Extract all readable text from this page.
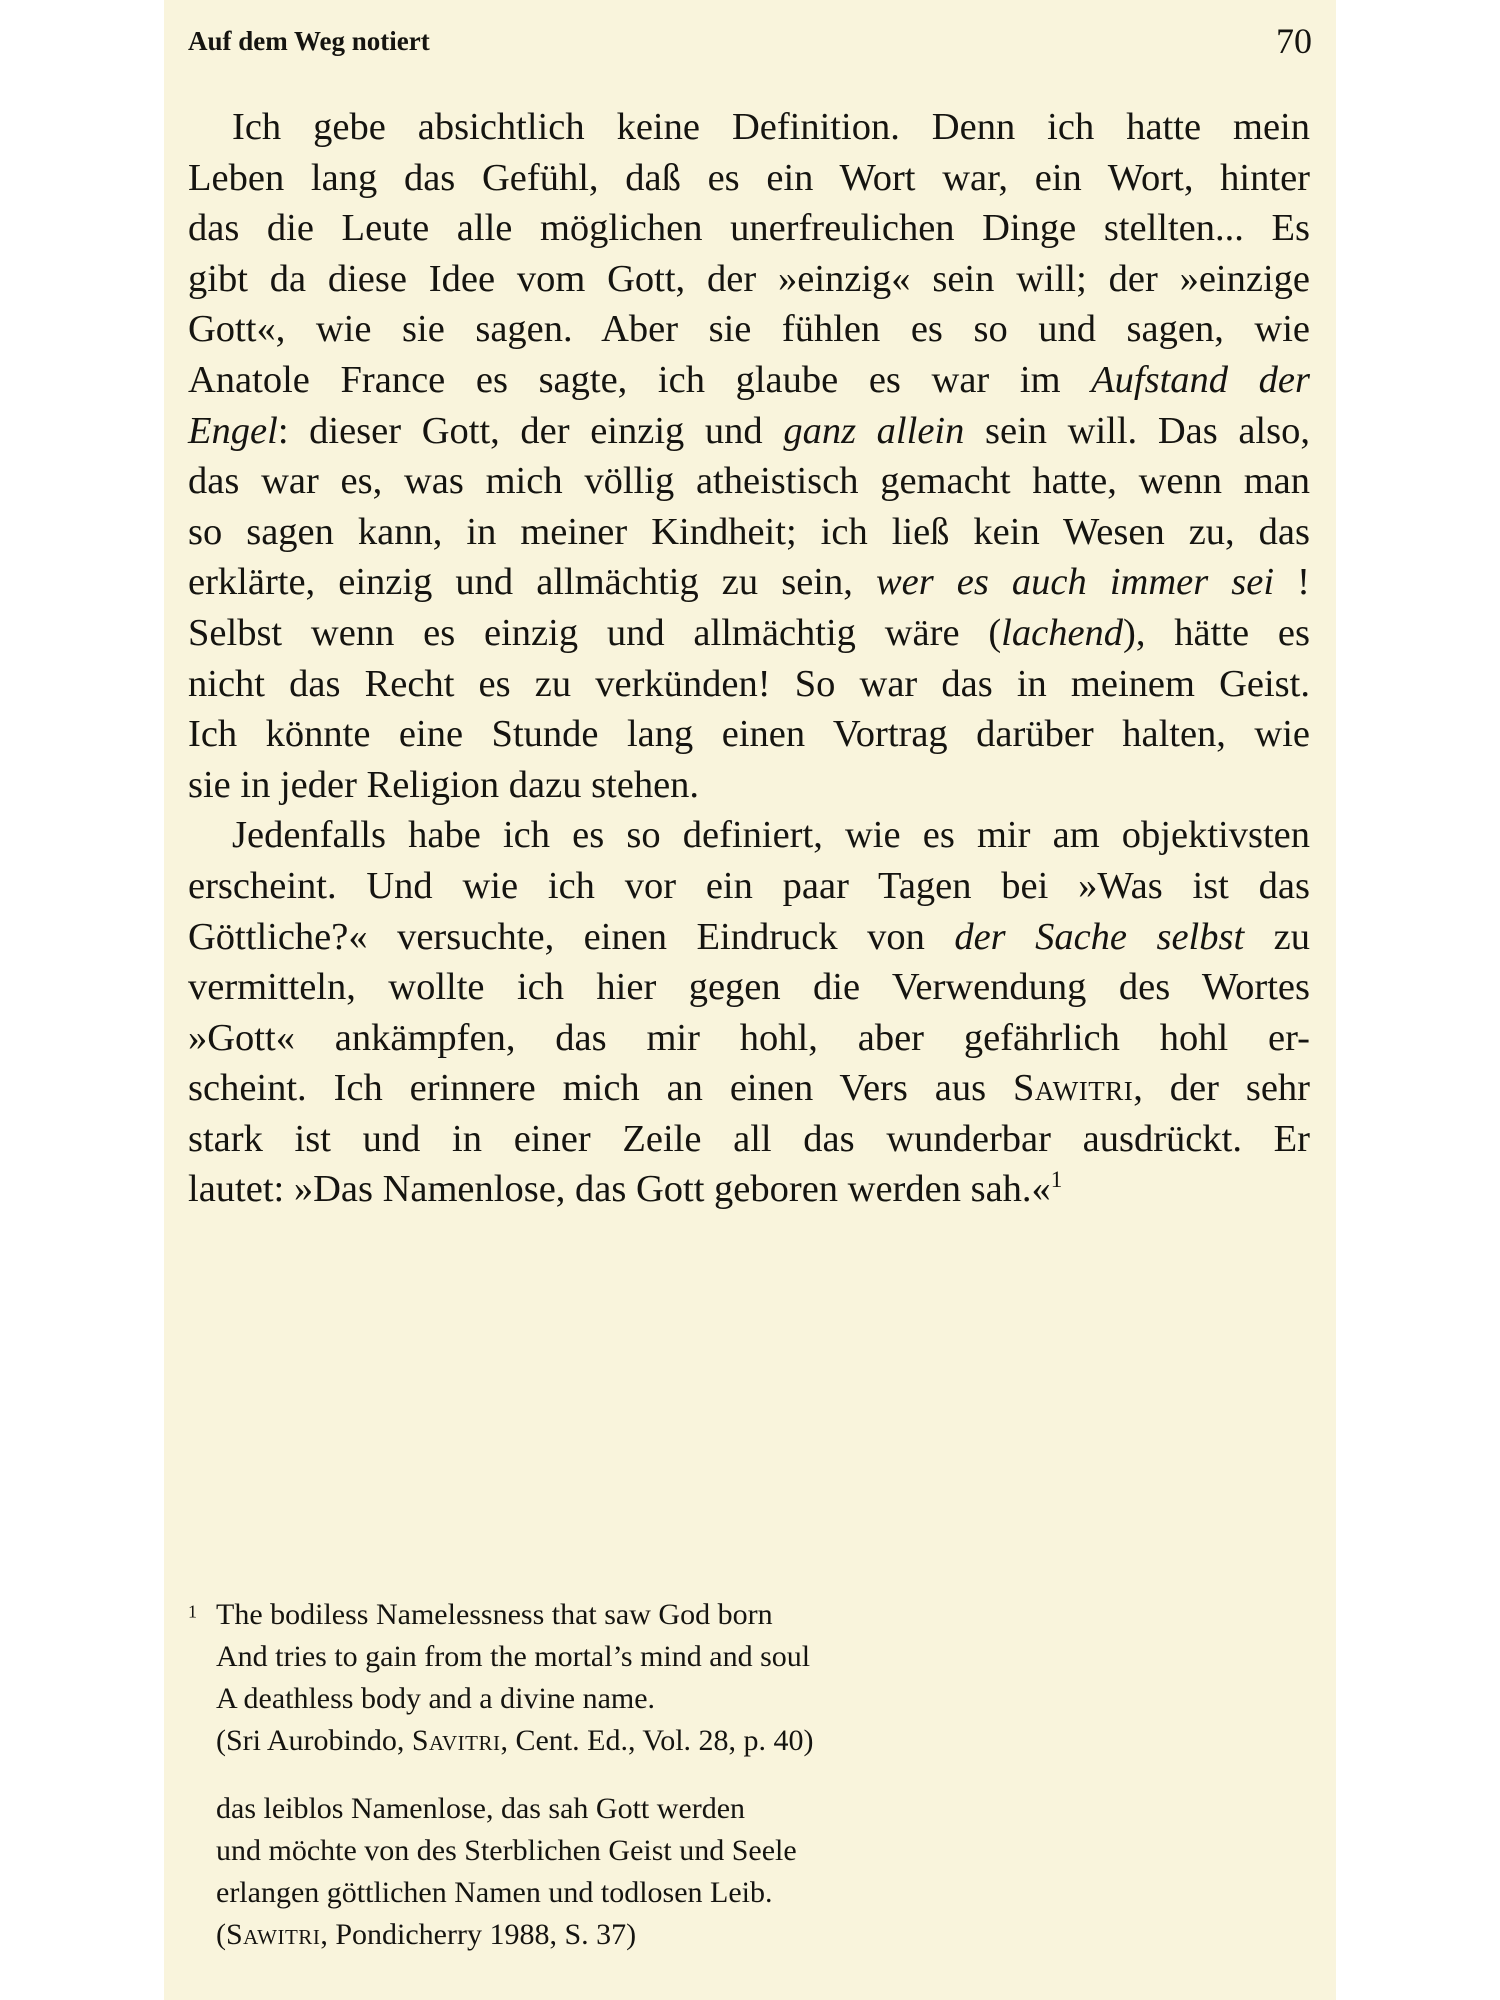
Auf dem Weg notiert	70
Ich gebe absichtlich keine Definition. Denn ich hatte mein
Leben lang das Gefühl, daß es ein Wort war, ein Wort, hinter
das die Leute alle möglichen unerfreulichen Dinge stellten... Es
gibt da diese Idee vom Gott, der »einzig« sein will; der »einzige
Gott«, wie sie sagen. Aber sie fühlen es so und sagen, wie
Anatole France es sagte, ich glaube es war im Aufstand der
Engel: dieser Gott, der einzig und ganz allein sein will. Das also,
das war es, was mich völlig atheistisch gemacht hatte, wenn man
so sagen kann, in meiner Kindheit; ich ließ kein Wesen zu, das
erklärte, einzig und allmächtig zu sein, wer es auch immer sei !
Selbst wenn es einzig und allmächtig wäre (lachend), hätte es
nicht das Recht es zu verkünden! So war das in meinem Geist.
Ich könnte eine Stunde lang einen Vortrag darüber halten, wie
sie in jeder Religion dazu stehen.
Jedenfalls habe ich es so definiert, wie es mir am objektivsten
erscheint. Und wie ich vor ein paar Tagen bei »Was ist das
Göttliche?« versuchte, einen Eindruck von der Sache selbst zu
vermitteln, wollte ich hier gegen die Verwendung des Wortes
»Gott« ankämpfen, das mir hohl, aber gefährlich hohl er-
scheint. Ich erinnere mich an einen Vers aus Sawitri, der sehr
stark ist und in einer Zeile all das wunderbar ausdrückt. Er
lautet: »Das Namenlose, das Gott geboren werden sah.«$^1$
$^1$ The bodiless Namelessness that saw God born
And tries to gain from the mortal’s mind and soul
A deathless body and a divine name.
(Sri Aurobindo, Savitri, Cent. Ed., Vol. 28, p. 40)
das leiblos Namenlose, das sah Gott werden
und möchte von des Sterblichen Geist und Seele
erlangen göttlichen Namen und todlosen Leib.
(Sawitri, Pondicherry 1988, S. 37)
